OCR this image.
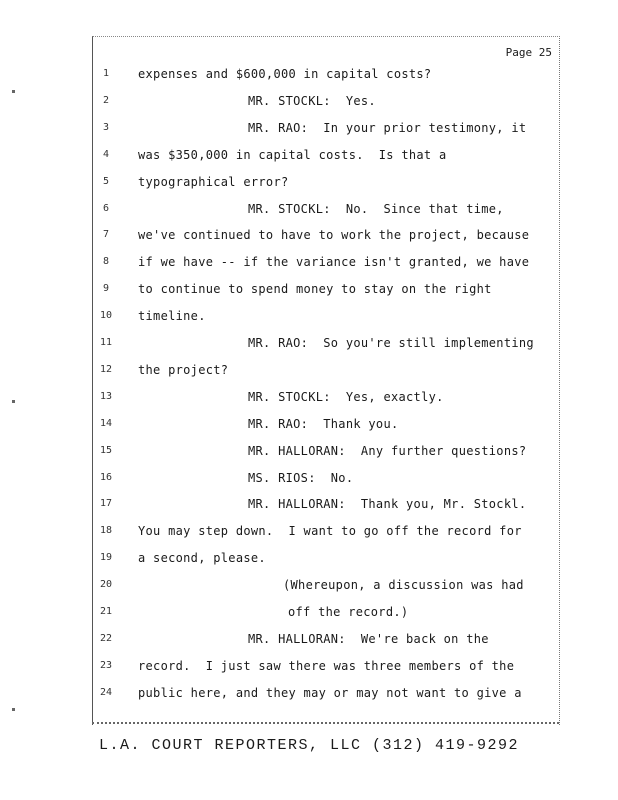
Page 25
1	expenses and $600,000 in capital costs?
2	MR. STOCKL:  Yes.
3	MR. RAO:  In your prior testimony, it
4	was $350,000 in capital costs.  Is that a
5	typographical error?
6	MR. STOCKL:  No.  Since that time,
7	we've continued to have to work the project, because
8	if we have -- if the variance isn't granted, we have
9	to continue to spend money to stay on the right
10 timeline.
11	MR. RAO:  So you're still implementing
12 the project?
13	MR. STOCKL:  Yes, exactly.
14	MR. RAO:  Thank you.
15	MR. HALLORAN:  Any further questions?
16	MS. RIOS:  No.
17	MR. HALLORAN:  Thank you, Mr. Stockl.
18 You may step down.  I want to go off the record for
19 a second, please.
20	(Whereupon, a discussion was had
21	off the record.)
22	MR. HALLORAN:  We're back on the
23 record.  I just saw there was three members of the
24 public here, and they may or may not want to give a
L.A. COURT REPORTERS, LLC (312) 419-9292
